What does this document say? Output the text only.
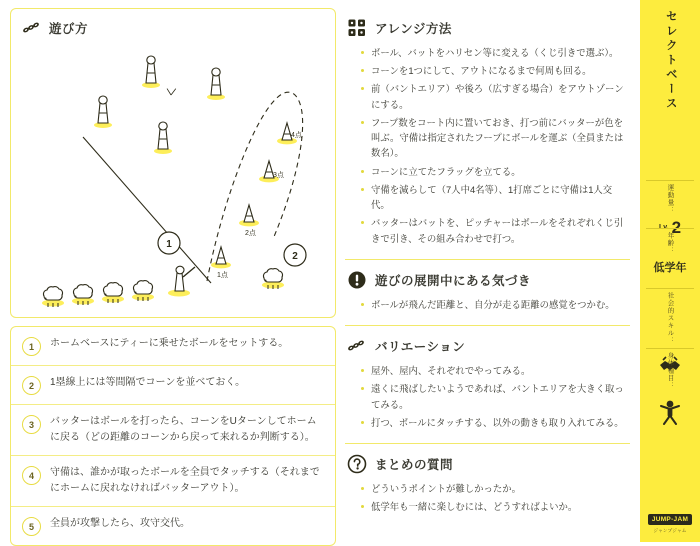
遊び方
1点
2点
3点
4点
1
2
1	ホームベースにティーに乗せたボールをセットする。
2	1塁線上には等間隔でコーンを並べておく。
3	バッターはボールを打ったら、コーンをUターンしてホームに戻る（どの距離のコーンから戻って来れるか判断する）。
4	守備は、誰かが取ったボールを全員でタッチする（それまでにホームに戻れなければバッターアウト）。
5	全員が攻撃したら、攻守交代。
アレンジ方法
ボール、バットをハリセン等に変える（くじ引きで選ぶ）。
コーンを1つにして、アウトになるまで何周も回る。
前（バントエリア）や後ろ（広すぎる場合）をアウトゾーンにする。
フープ数をコート内に置いておき、打つ前にバッターが色を叫ぶ。守備は指定されたフープにボールを運ぶ（全員または数名）。
コーンに立てたフラッグを立てる。
守備を減らして（7人中4名等）、1打席ごとに守備は1人交代。
バッターはバットを、ピッチャーはボールをそれぞれくじ引きで引き、その組み合わせで打つ。
遊びの展開中にある気づき
ボールが飛んだ距離と、自分が走る距離の感覚をつかむ。
バリエーション
屋外、屋内、それぞれでやってみる。
遠くに飛ばしたいようであれば、バントエリアを大きく取ってみる。
打つ、ボールにタッチする、以外の動きも取り入れてみる。
まとめの質問
どういうポイントが難しかったか。
低学年も一緒に楽しむには、どうすればよいか。
セレクトベース
運動量：
Lv. 2
年齢：
低学年
社会的スキル：
身体種目：
JUMP-JAM
ジャンプジャム
